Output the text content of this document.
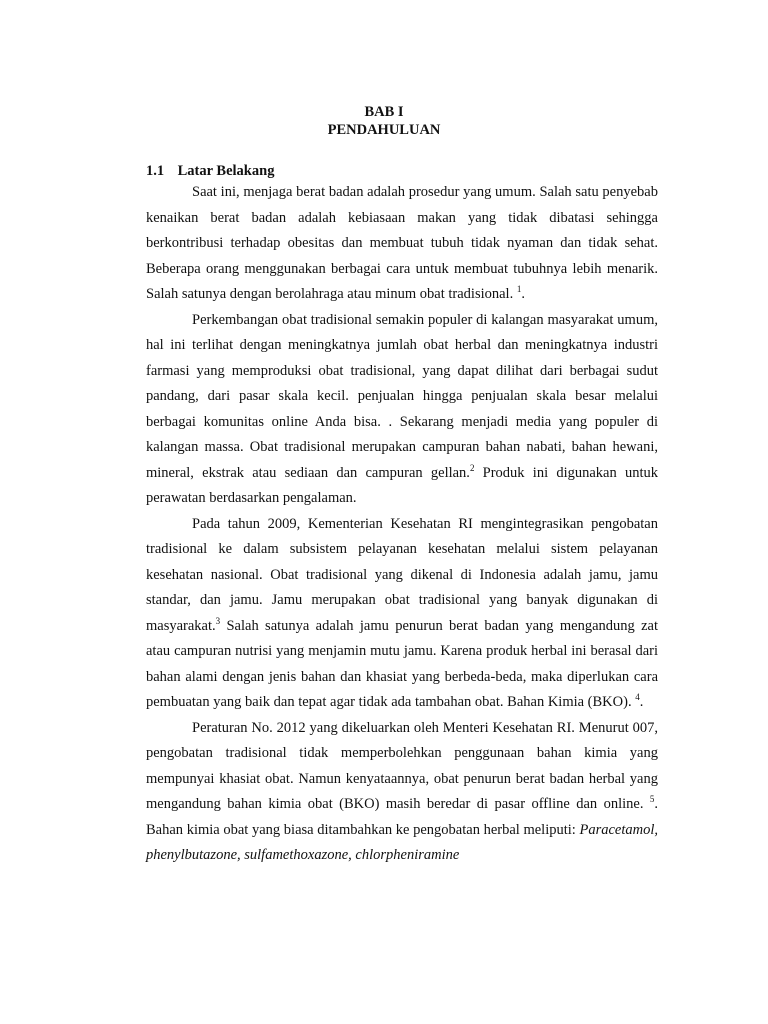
BAB I
PENDAHULUAN
1.1 Latar Belakang

Saat ini, menjaga berat badan adalah prosedur yang umum. Salah satu penyebab kenaikan berat badan adalah kebiasaan makan yang tidak dibatasi sehingga berkontribusi terhadap obesitas dan membuat tubuh tidak nyaman dan tidak sehat. Beberapa orang menggunakan berbagai cara untuk membuat tubuhnya lebih menarik. Salah satunya dengan berolahraga atau minum obat tradisional. $^1$.

Perkembangan obat tradisional semakin populer di kalangan masyarakat umum, hal ini terlihat dengan meningkatnya jumlah obat herbal dan meningkatnya industri farmasi yang memproduksi obat tradisional, yang dapat dilihat dari berbagai sudut pandang, dari pasar skala kecil. penjualan hingga penjualan skala besar melalui berbagai komunitas online Anda bisa. . Sekarang menjadi media yang populer di kalangan massa. Obat tradisional merupakan campuran bahan nabati, bahan hewani, mineral, ekstrak atau sediaan dan campuran gellan.$^2$ Produk ini digunakan untuk perawatan berdasarkan pengalaman.

Pada tahun 2009, Kementerian Kesehatan RI mengintegrasikan pengobatan tradisional ke dalam subsistem pelayanan kesehatan melalui sistem pelayanan kesehatan nasional. Obat tradisional yang dikenal di Indonesia adalah jamu, jamu standar, dan jamu. Jamu merupakan obat tradisional yang banyak digunakan di masyarakat.$^3$ Salah satunya adalah jamu penurun berat badan yang mengandung zat atau campuran nutrisi yang menjamin mutu jamu. Karena produk herbal ini berasal dari bahan alami dengan jenis bahan dan khasiat yang berbeda-beda, maka diperlukan cara pembuatan yang baik dan tepat agar tidak ada tambahan obat. Bahan Kimia (BKO). $^4$.

Peraturan No. 2012 yang dikeluarkan oleh Menteri Kesehatan RI. Menurut 007, pengobatan tradisional tidak memperbolehkan penggunaan bahan kimia yang mempunyai khasiat obat. Namun kenyataannya, obat penurun berat badan herbal yang mengandung bahan kimia obat (BKO) masih beredar di pasar offline dan online. $^5$. Bahan kimia obat yang biasa ditambahkan ke pengobatan herbal meliputi: Paracetamol, phenylbutazone, sulfamethoxazone, chlorpheniramine
